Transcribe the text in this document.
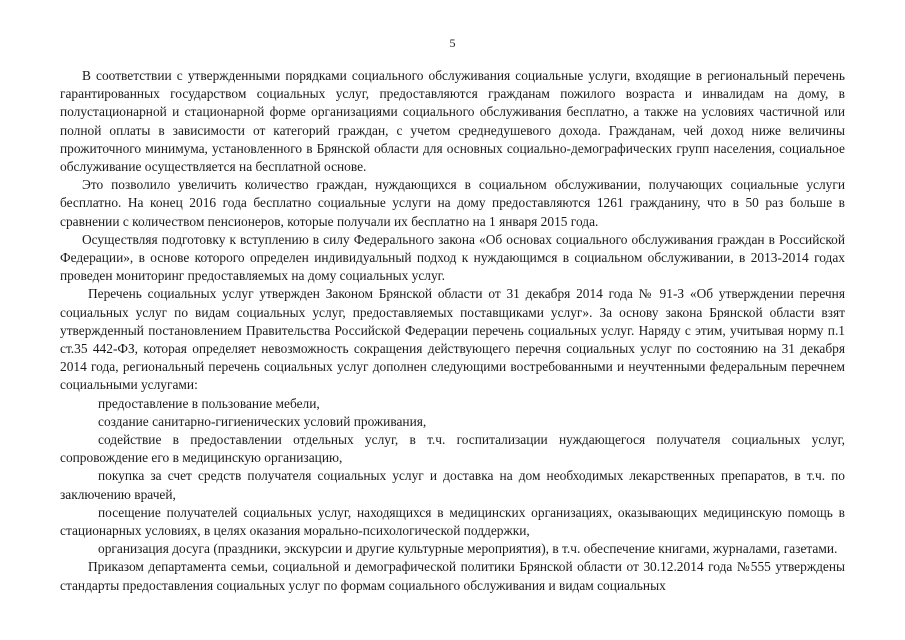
5

В соответствии с утвержденными порядками социального обслуживания социальные услуги, входящие в региональный перечень гарантированных государством социальных услуг, предоставляются гражданам пожилого возраста и инвалидам на дому, в полустационарной и стационарной форме организациями социального обслуживания бесплатно, а также на условиях частичной или полной оплаты в зависимости от категорий граждан, с учетом среднедушевого дохода. Гражданам, чей доход ниже величины прожиточного минимума, установленного в Брянской области для основных социально-демографических групп населения, социальное обслуживание осуществляется на бесплатной основе.

Это позволило увеличить количество граждан, нуждающихся в социальном обслуживании, получающих социальные услуги бесплатно. На конец 2016 года бесплатно социальные услуги на дому предоставляются 1261 гражданину, что в 50 раз больше в сравнении с количеством пенсионеров, которые получали их бесплатно на 1 января 2015 года.

Осуществляя подготовку к вступлению в силу Федерального закона «Об основах социального обслуживания граждан в Российской Федерации», в основе которого определен индивидуальный подход к нуждающимся в социальном обслуживании, в 2013-2014 годах проведен мониторинг предоставляемых на дому социальных услуг.

Перечень социальных услуг утвержден Законом Брянской области от 31 декабря 2014 года № 91-З «Об утверждении перечня социальных услуг по видам социальных услуг, предоставляемых поставщиками услуг». За основу закона Брянской области взят утвержденный постановлением Правительства Российской Федерации перечень социальных услуг. Наряду с этим, учитывая норму п.1 ст.35 442-ФЗ, которая определяет невозможность сокращения действующего перечня социальных услуг по состоянию на 31 декабря 2014 года, региональный перечень социальных услуг дополнен следующими востребованными и неучтенными федеральным перечнем социальными услугами:

предоставление в пользование мебели,

создание санитарно-гигиенических условий проживания,

содействие в предоставлении отдельных услуг, в т.ч. госпитализации нуждающегося получателя социальных услуг, сопровождение его в медицинскую организацию,

покупка за счет средств получателя социальных услуг и доставка на дом необходимых лекарственных препаратов, в т.ч. по заключению врачей,

посещение получателей социальных услуг, находящихся в медицинских организациях, оказывающих медицинскую помощь в стационарных условиях, в целях оказания морально-психологической поддержки,

организация досуга (праздники, экскурсии и другие культурные мероприятия), в т.ч. обеспечение книгами, журналами, газетами.

Приказом департамента семьи, социальной и демографической политики Брянской области от 30.12.2014 года №555 утверждены стандарты предоставления социальных услуг по формам социального обслуживания и видам социальных
